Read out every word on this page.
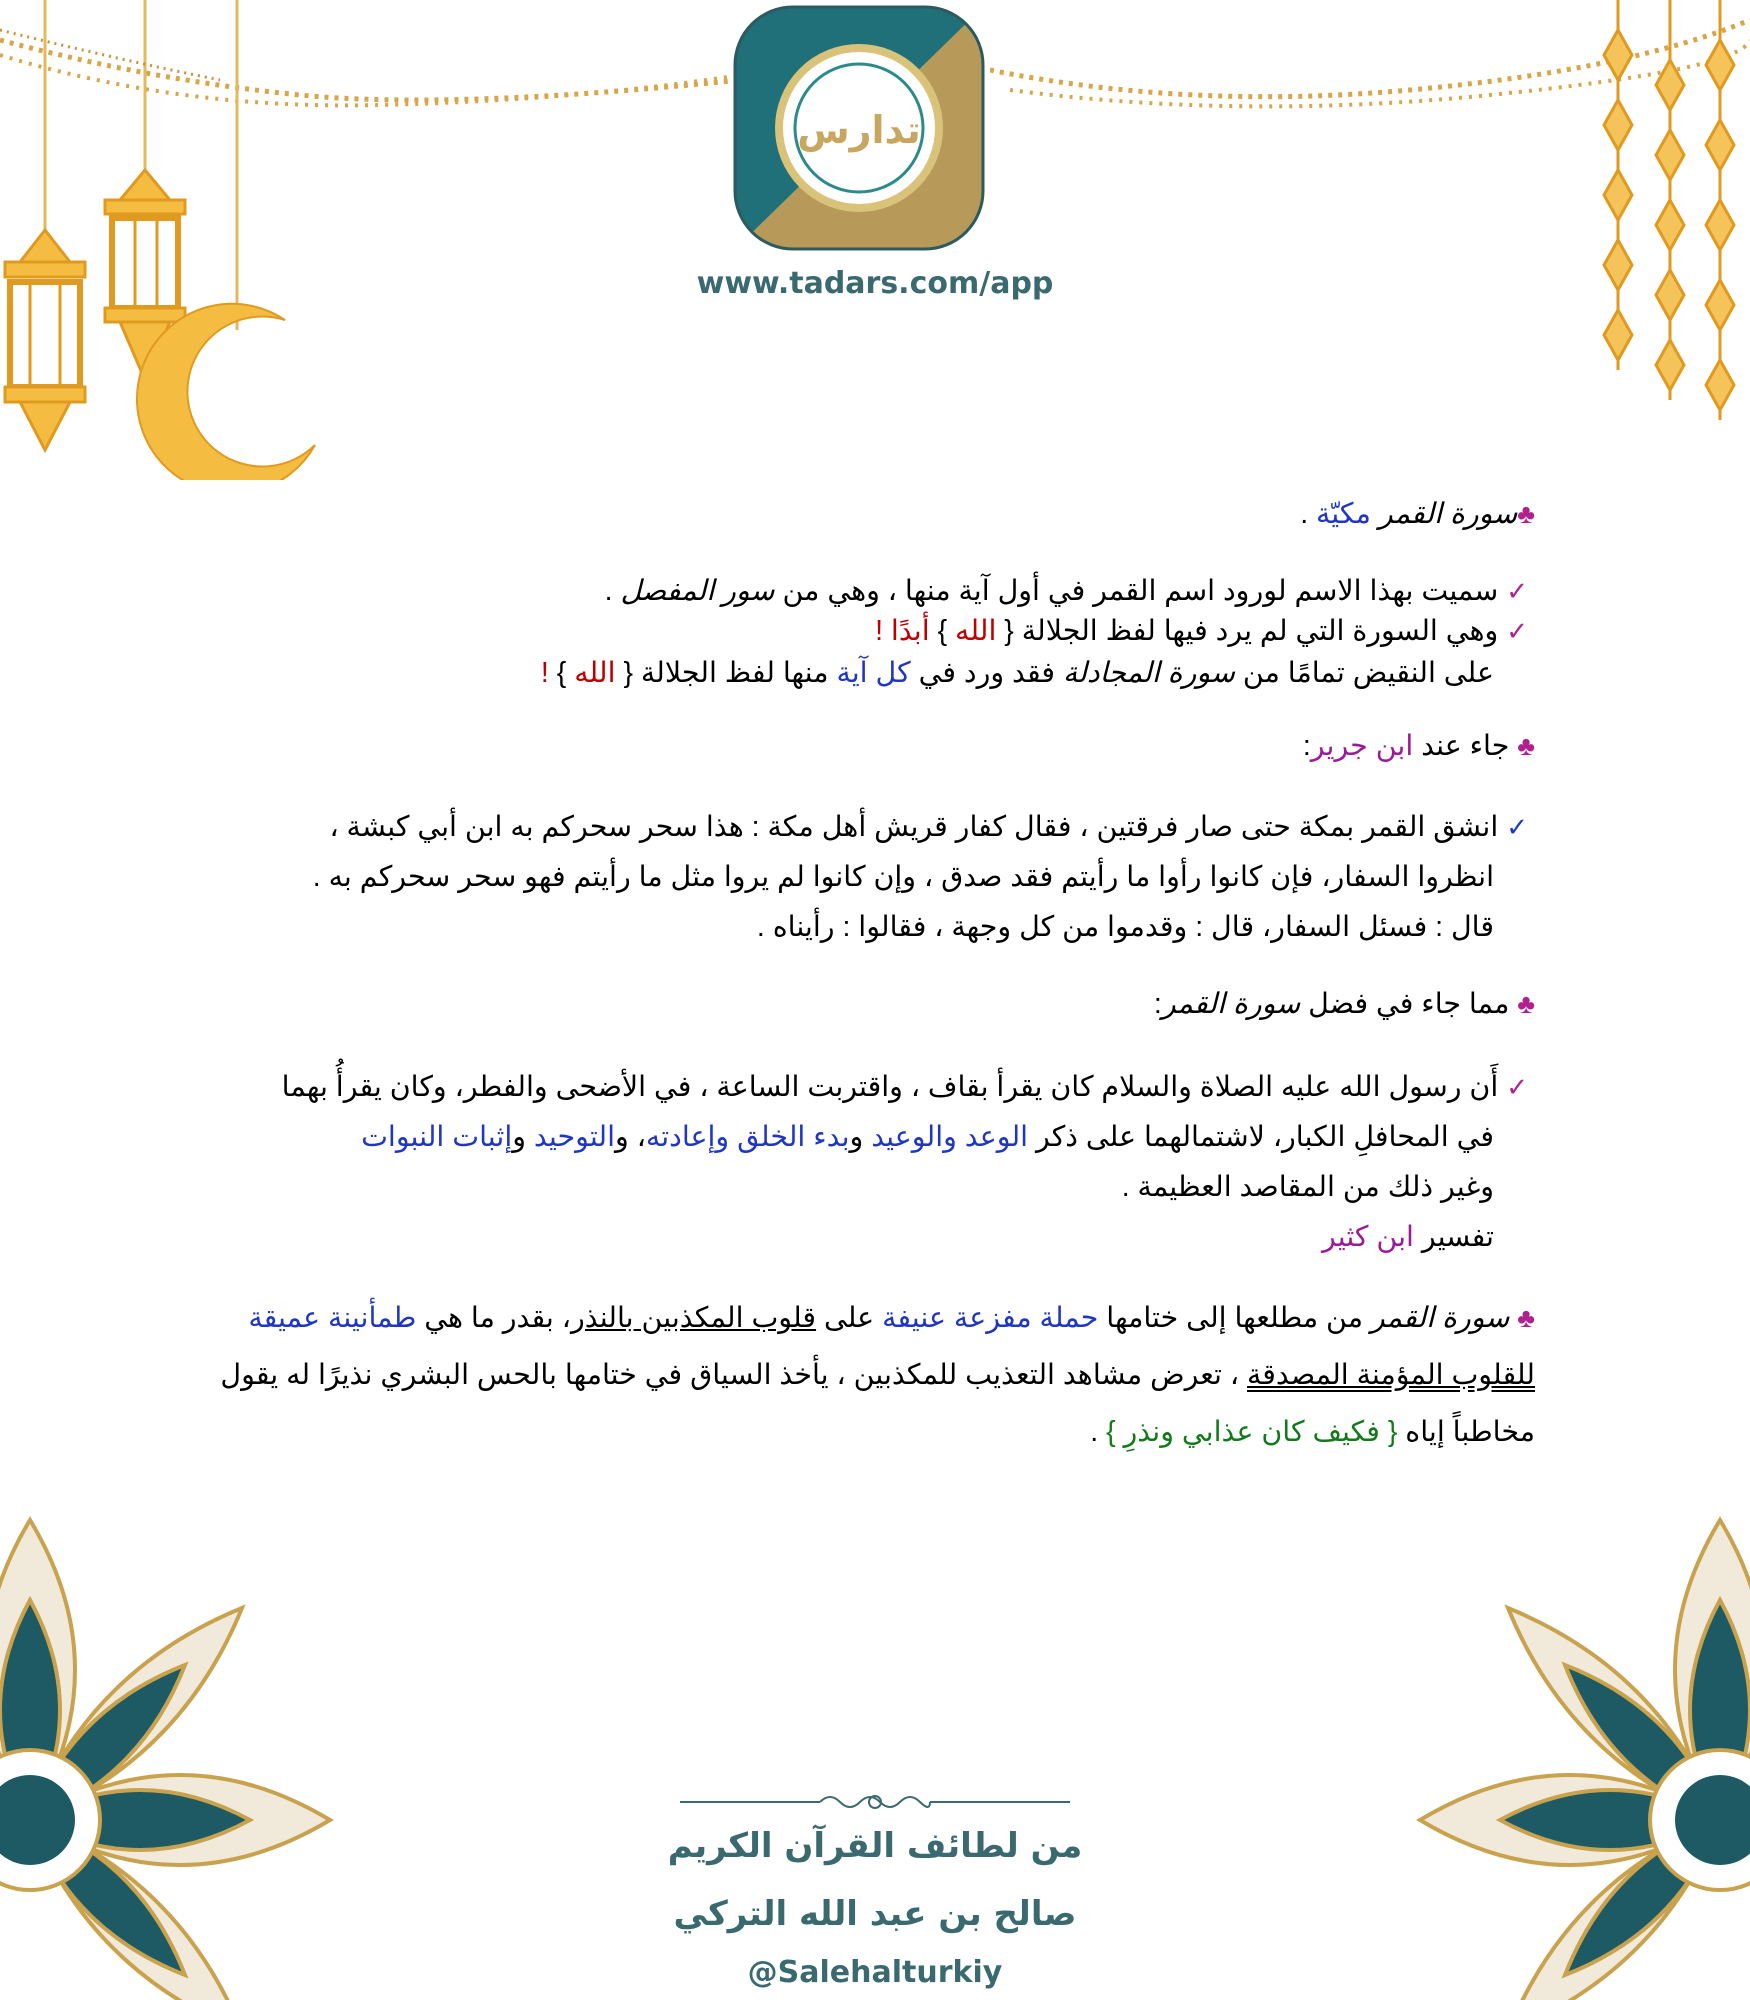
تدارس
www.tadars.com/app
♣سورة القمر مكيّة .
✓ سميت بهذا الاسم لورود اسم القمر في أول آية منها ، وهي من سور المفصل .
✓ وهي السورة التي لم يرد فيها لفظ الجلالة { الله } أبدًا !
على النقيض تمامًا من سورة المجادلة فقد ورد في كل آية منها لفظ الجلالة { الله } !
♣ جاء عند ابن جرير:
✓ انشق القمر بمكة حتى صار فرقتين ، فقال كفار قريش أهل مكة : هذا سحر سحركم به ابن أبي كبشة ،
انظروا السفار، فإن كانوا رأوا ما رأيتم فقد صدق ، وإن كانوا لم يروا مثل ما رأيتم فهو سحر سحركم به .
قال : فسئل السفار، قال : وقدموا من كل وجهة ، فقالوا : رأيناه .
♣ مما جاء في فضل سورة القمر:
✓ أَن رسول الله عليه الصلاة والسلام كان يقرأ بقاف ، واقتربت الساعة ، في الأضحى والفطر، وكان يقرأُ بهما
في المحافلِ الكبار، لاشتمالهما على ذكر الوعد والوعيد وبدء الخلق وإعادته، والتوحيد وإثبات النبوات
وغير ذلك من المقاصد العظيمة .
تفسير ابن كثير
♣ سورة القمر من مطلعها إلى ختامها حملة مفزعة عنيفة على قلوب المكذبين بالنذر، بقدر ما هي طمأنينة عميقة
للقلوب المؤمنة المصدقة ، تعرض مشاهد التعذيب للمكذبين ، يأخذ السياق في ختامها بالحس البشري نذيرًا له يقول
مخاطباً إياه { فكيف كان عذابي ونذرِ } .
من لطائف القرآن الكريم
صالح بن عبد الله التركي
@Salehalturkiy
